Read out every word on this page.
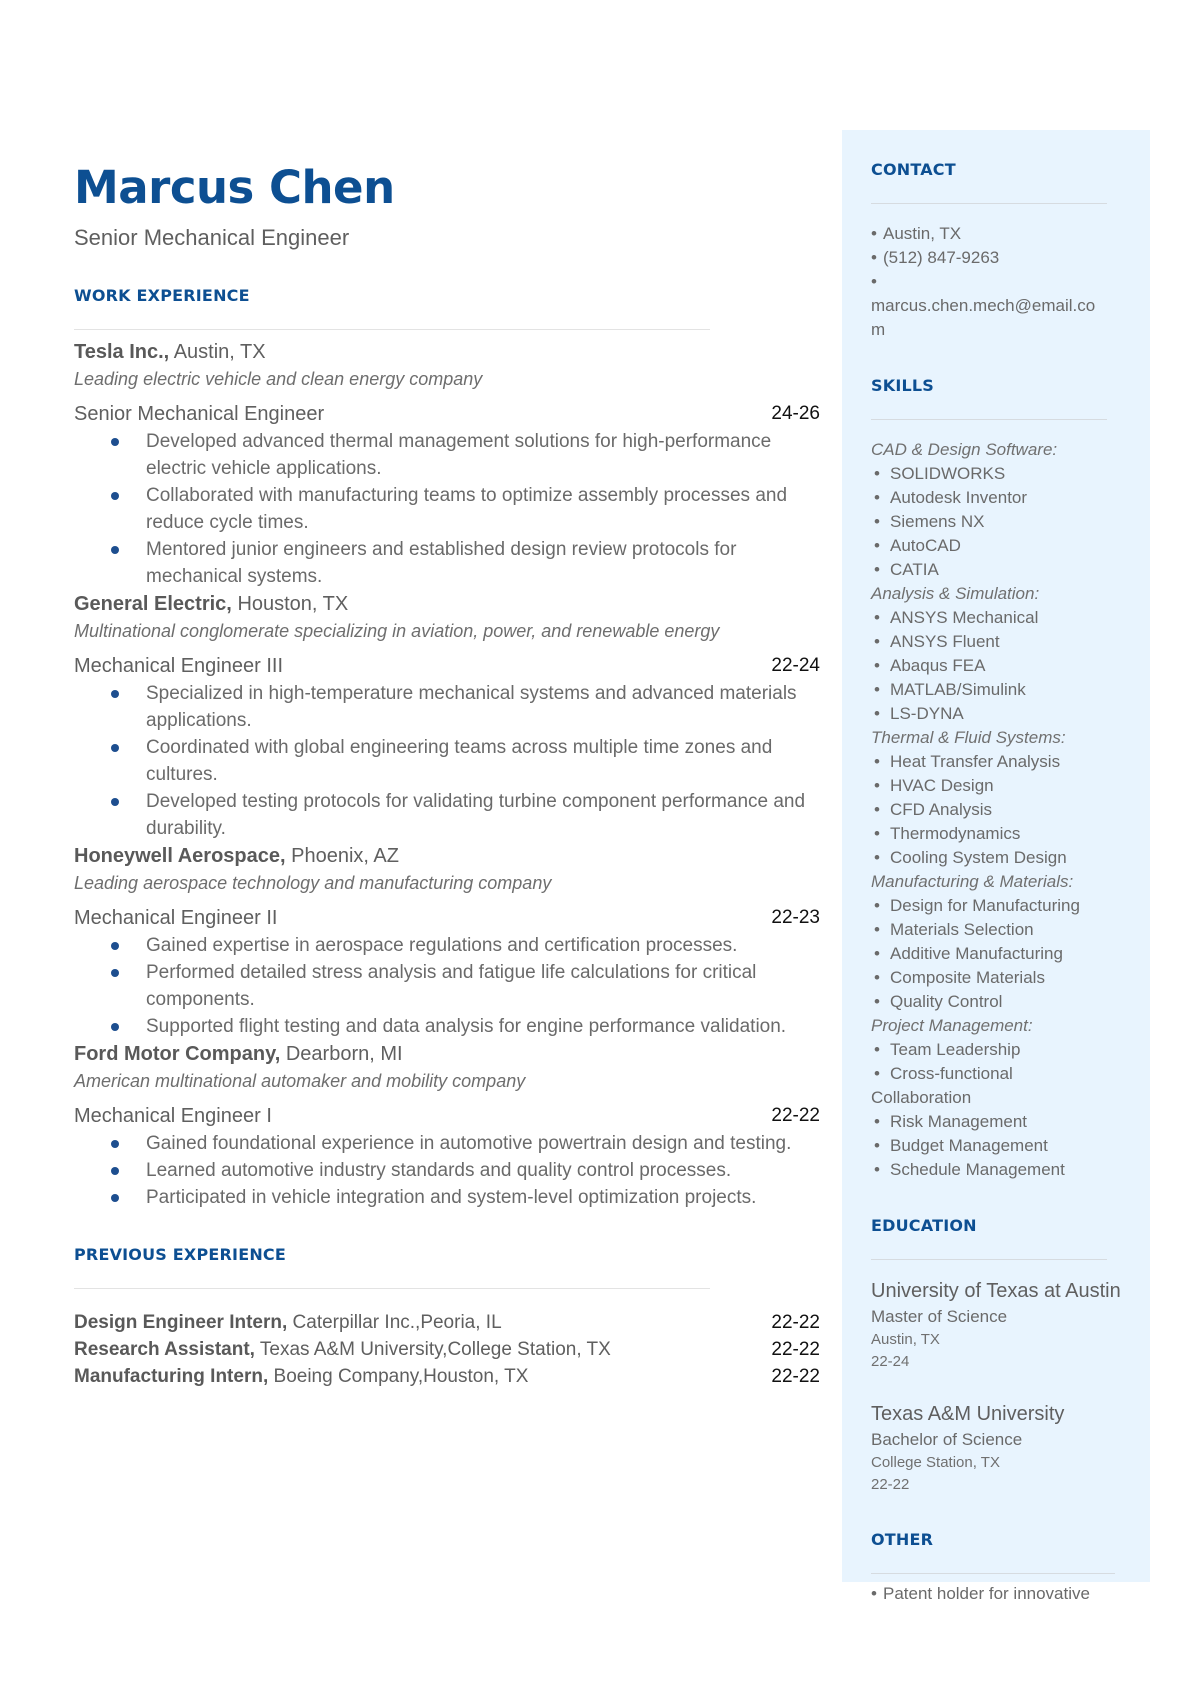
Marcus Chen
Senior Mechanical Engineer
WORK EXPERIENCE
Tesla Inc., Austin, TX
Leading electric vehicle and clean energy company
Senior Mechanical Engineer	24-26
Developed advanced thermal management solutions for high-performance electric vehicle applications.
Collaborated with manufacturing teams to optimize assembly processes and reduce cycle times.
Mentored junior engineers and established design review protocols for mechanical systems.
General Electric, Houston, TX
Multinational conglomerate specializing in aviation, power, and renewable energy
Mechanical Engineer III	22-24
Specialized in high-temperature mechanical systems and advanced materials applications.
Coordinated with global engineering teams across multiple time zones and cultures.
Developed testing protocols for validating turbine component performance and durability.
Honeywell Aerospace, Phoenix, AZ
Leading aerospace technology and manufacturing company
Mechanical Engineer II	22-23
Gained expertise in aerospace regulations and certification processes.
Performed detailed stress analysis and fatigue life calculations for critical components.
Supported flight testing and data analysis for engine performance validation.
Ford Motor Company, Dearborn, MI
American multinational automaker and mobility company
Mechanical Engineer I	22-22
Gained foundational experience in automotive powertrain design and testing.
Learned automotive industry standards and quality control processes.
Participated in vehicle integration and system-level optimization projects.
PREVIOUS EXPERIENCE
Design Engineer Intern, Caterpillar Inc.,Peoria, IL	22-22
Research Assistant, Texas A&M University,College Station, TX	22-22
Manufacturing Intern, Boeing Company,Houston, TX	22-22
CONTACT
• Austin, TX
• (512) 847-9263
•
marcus.chen.mech@email.co
m
SKILLS
CAD & Design Software:
• SOLIDWORKS
• Autodesk Inventor
• Siemens NX
• AutoCAD
• CATIA
Analysis & Simulation:
• ANSYS Mechanical
• ANSYS Fluent
• Abaqus FEA
• MATLAB/Simulink
• LS-DYNA
Thermal & Fluid Systems:
• Heat Transfer Analysis
• HVAC Design
• CFD Analysis
• Thermodynamics
• Cooling System Design
Manufacturing & Materials:
• Design for Manufacturing
• Materials Selection
• Additive Manufacturing
• Composite Materials
• Quality Control
Project Management:
• Team Leadership
• Cross-functional
Collaboration
• Risk Management
• Budget Management
• Schedule Management
EDUCATION
University of Texas at Austin
Master of Science
Austin, TX
22-24
Texas A&M University
Bachelor of Science
College Station, TX
22-22
OTHER
• Patent holder for innovative
